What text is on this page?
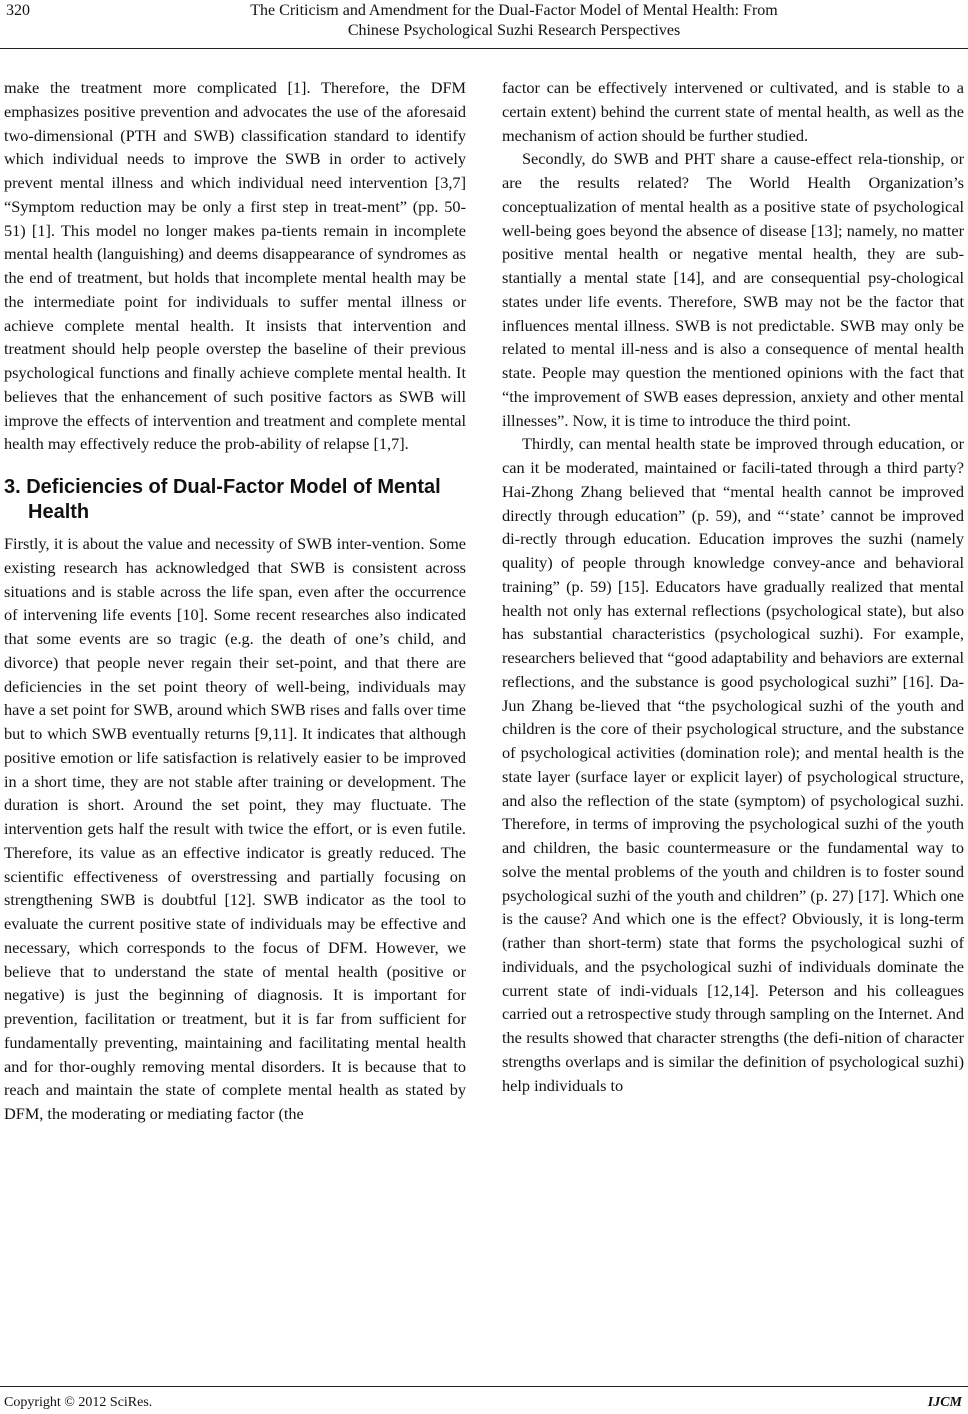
320	The Criticism and Amendment for the Dual-Factor Model of Mental Health: From
Chinese Psychological Suzhi Research Perspectives

make the treatment more complicated [1]. Therefore, the DFM emphasizes positive prevention and advocates the use of the aforesaid two-dimensional (PTH and SWB) classification standard to identify which individual needs to improve the SWB in order to actively prevent mental illness and which individual need intervention [3,7] “Symptom reduction may be only a first step in treat-ment” (pp. 50-51) [1]. This model no longer makes pa-tients remain in incomplete mental health (languishing) and deems disappearance of syndromes as the end of treatment, but holds that incomplete mental health may be the intermediate point for individuals to suffer mental illness or achieve complete mental health. It insists that intervention and treatment should help people overstep the baseline of their previous psychological functions and finally achieve complete mental health. It believes that the enhancement of such positive factors as SWB will improve the effects of intervention and treatment and complete mental health may effectively reduce the prob-ability of relapse [1,7].

3. Deficiencies of Dual-Factor Model of Mental Health

Firstly, it is about the value and necessity of SWB inter-vention. Some existing research has acknowledged that SWB is consistent across situations and is stable across the life span, even after the occurrence of intervening life events [10]. Some recent researches also indicated that some events are so tragic (e.g. the death of one’s child, and divorce) that people never regain their set-point, and that there are deficiencies in the set point theory of well-being, individuals may have a set point for SWB, around which SWB rises and falls over time but to which SWB eventually returns [9,11]. It indicates that although positive emotion or life satisfaction is relatively easier to be improved in a short time, they are not stable after training or development. The duration is short. Around the set point, they may fluctuate. The intervention gets half the result with twice the effort, or is even futile. Therefore, its value as an effective indicator is greatly reduced. The scientific effectiveness of overstressing and partially focusing on strengthening SWB is doubtful [12]. SWB indicator as the tool to evaluate the current positive state of individuals may be effective and necessary, which corresponds to the focus of DFM. However, we believe that to understand the state of mental health (positive or negative) is just the beginning of diagnosis. It is important for prevention, facilitation or treatment, but it is far from sufficient for fundamentally preventing, maintaining and facilitating mental health and for thor-oughly removing mental disorders. It is because that to reach and maintain the state of complete mental health as stated by DFM, the moderating or mediating factor (the

factor can be effectively intervened or cultivated, and is stable to a certain extent) behind the current state of mental health, as well as the mechanism of action should be further studied.

Secondly, do SWB and PHT share a cause-effect rela-tionship, or are the results related? The World Health Organization’s conceptualization of mental health as a positive state of psychological well-being goes beyond the absence of disease [13]; namely, no matter positive mental health or negative mental health, they are sub-stantially a mental state [14], and are consequential psy-chological states under life events. Therefore, SWB may not be the factor that influences mental illness. SWB is not predictable. SWB may only be related to mental ill-ness and is also a consequence of mental health state. People may question the mentioned opinions with the fact that “the improvement of SWB eases depression, anxiety and other mental illnesses”. Now, it is time to introduce the third point.

Thirdly, can mental health state be improved through education, or can it be moderated, maintained or facili-tated through a third party? Hai-Zhong Zhang believed that “mental health cannot be improved directly through education” (p. 59), and “‘state’ cannot be improved di-rectly through education. Education improves the suzhi (namely quality) of people through knowledge convey-ance and behavioral training” (p. 59) [15]. Educators have gradually realized that mental health not only has external reflections (psychological state), but also has substantial characteristics (psychological suzhi). For example, researchers believed that “good adaptability and behaviors are external reflections, and the substance is good psychological suzhi” [16]. Da-Jun Zhang be-lieved that “the psychological suzhi of the youth and children is the core of their psychological structure, and the substance of psychological activities (domination role); and mental health is the state layer (surface layer or explicit layer) of psychological structure, and also the reflection of the state (symptom) of psychological suzhi. Therefore, in terms of improving the psychological suzhi of the youth and children, the basic countermeasure or the fundamental way to solve the mental problems of the youth and children is to foster sound psychological suzhi of the youth and children” (p. 27) [17]. Which one is the cause? And which one is the effect? Obviously, it is long-term (rather than short-term) state that forms the psychological suzhi of individuals, and the psychological suzhi of individuals dominate the current state of indi-viduals [12,14]. Peterson and his colleagues carried out a retrospective study through sampling on the Internet. And the results showed that character strengths (the defi-nition of character strengths overlaps and is similar the definition of psychological suzhi) help individuals to

Copyright © 2012 SciRes.	IJCM
